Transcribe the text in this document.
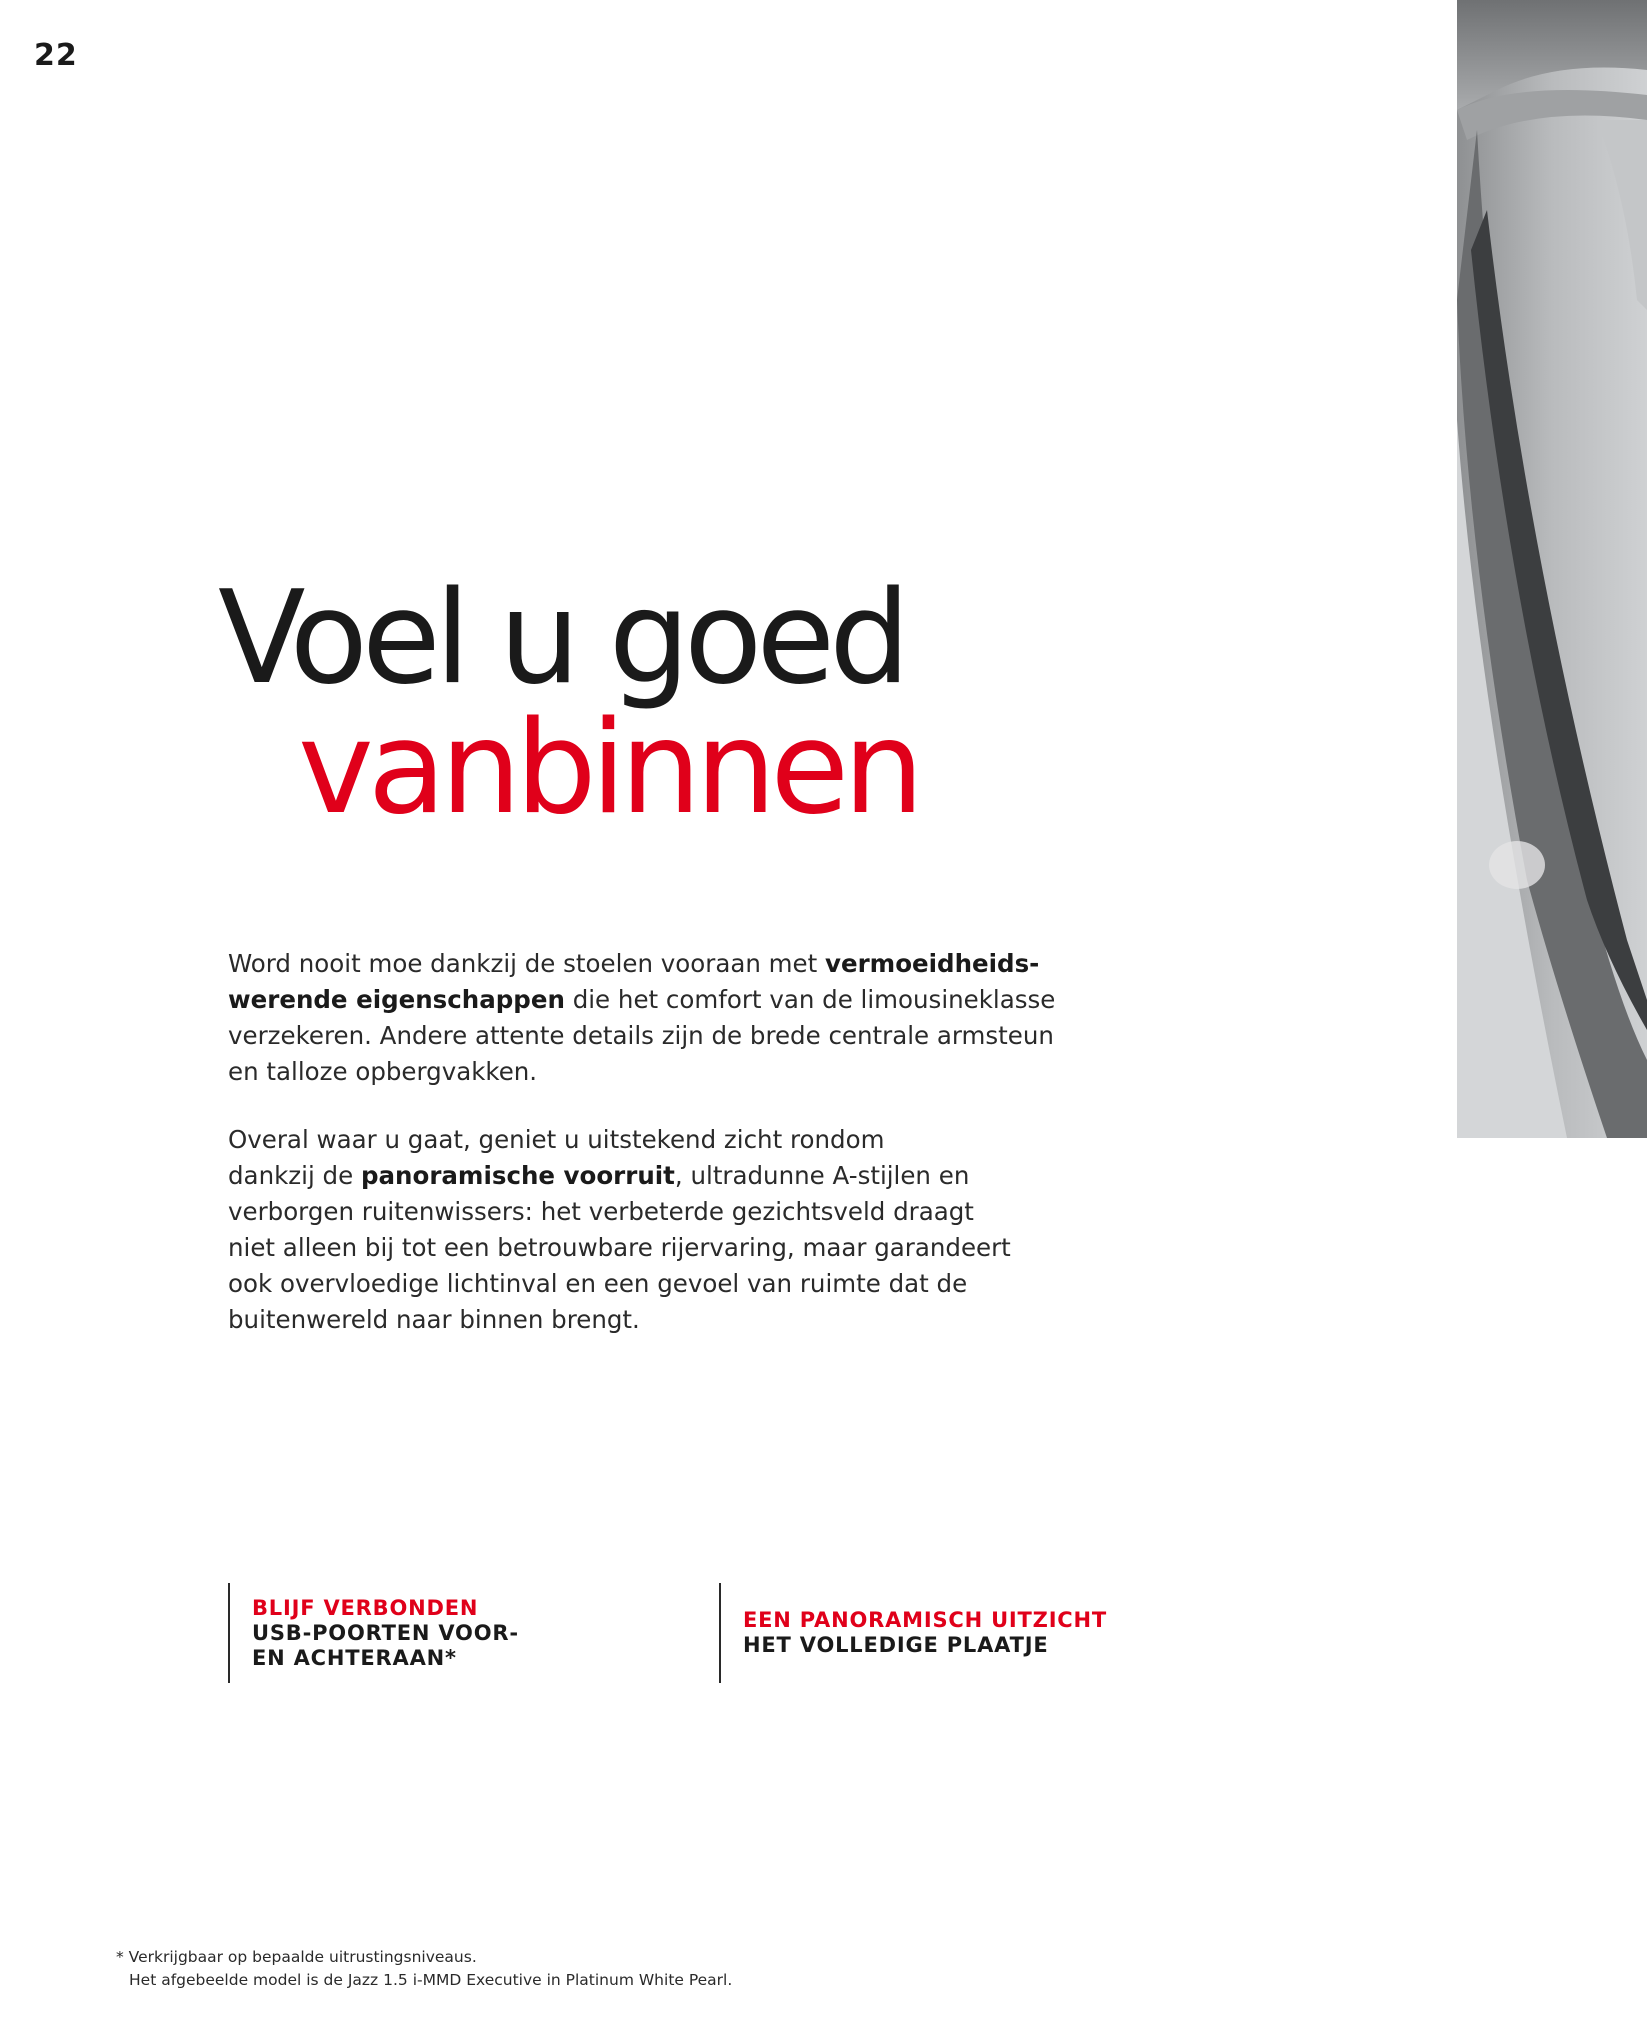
22
Voel u goed
vanbinnen

Word nooit moe dankzij de stoelen vooraan met vermoeidheids-
werende eigenschappen die het comfort van de limousineklasse
verzekeren. Andere attente details zijn de brede centrale armsteun
en talloze opbergvakken.

Overal waar u gaat, geniet u uitstekend zicht rondom
dankzij de panoramische voorruit, ultradunne A-stijlen en
verborgen ruitenwissers: het verbeterde gezichtsveld draagt
niet alleen bij tot een betrouwbare rijervaring, maar garandeert
ook overvloedige lichtinval en een gevoel van ruimte dat de
buitenwereld naar binnen brengt.

BLIJF VERBONDEN
USB-POORTEN VOOR-
EN ACHTERAAN*
EEN PANORAMISCH UITZICHT
HET VOLLEDIGE PLAATJE
* Verkrijgbaar op bepaalde uitrustingsniveaus.
Het afgebeelde model is de Jazz 1.5 i-MMD Executive in Platinum White Pearl.
